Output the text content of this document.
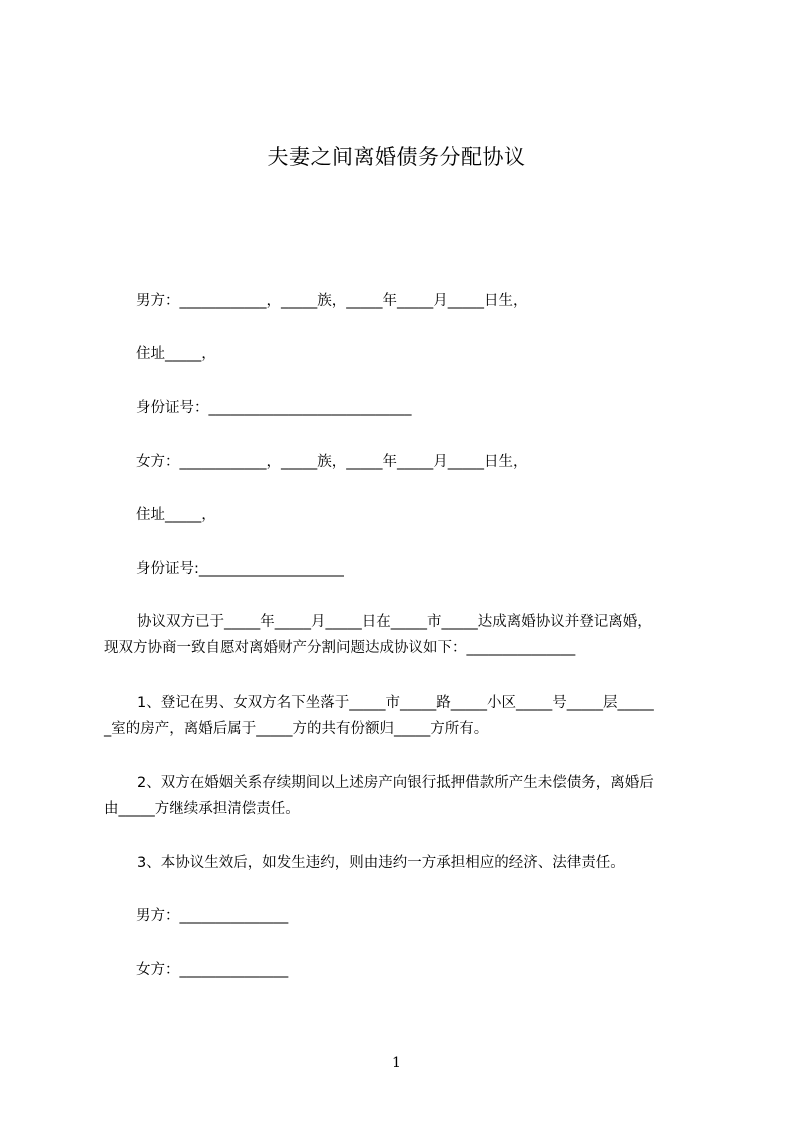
夫妻之间离婚债务分配协议
男方：____________，_____族，_____年_____月_____日生，
住址_____，
身份证号：____________________________
女方：____________，_____族，_____年_____月_____日生，
住址_____，
身份证号:____________________
协议双方已于_____年_____月_____日在_____市_____达成离婚协议并登记离婚，
现双方协商一致自愿对离婚财产分割问题达成协议如下：_______________
1、登记在男、女双方名下坐落于_____市_____路_____小区_____号_____层_____
_室的房产，离婚后属于_____方的共有份额归_____方所有。
2、双方在婚姻关系存续期间以上述房产向银行抵押借款所产生未偿债务，离婚后
由_____方继续承担清偿责任。
3、本协议生效后，如发生违约，则由违约一方承担相应的经济、法律责任。
男方：_______________
女方：_______________
1
